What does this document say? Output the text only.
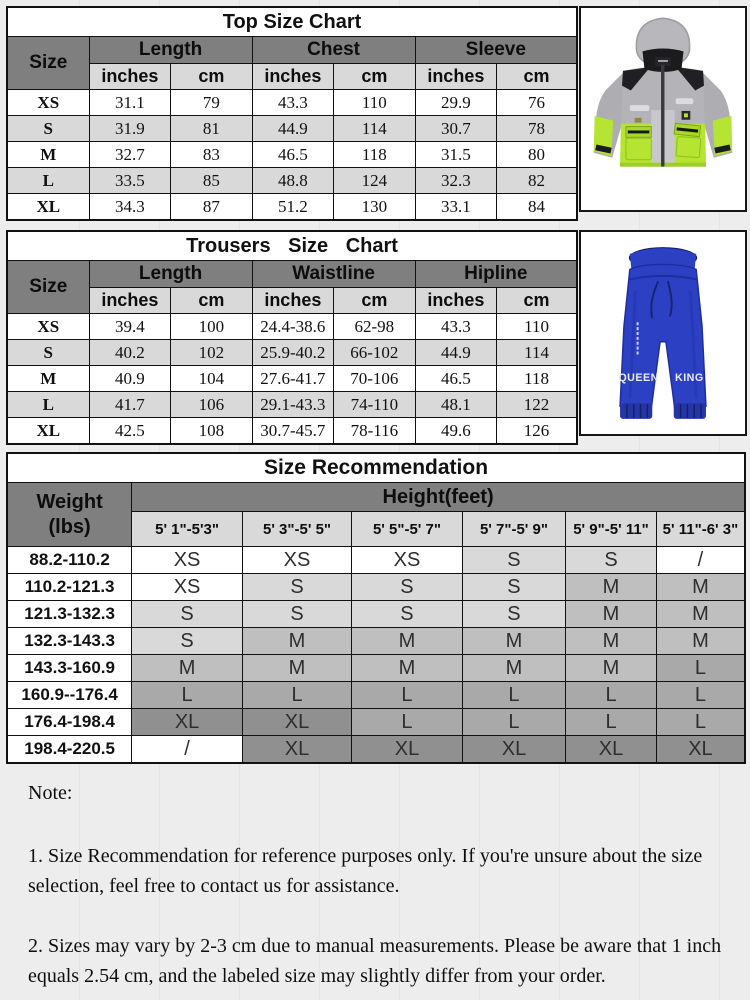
Top Size Chart						
Size	Length		Chest		Sleeve	
	inches	cm	inches	cm	inches	cm
XS	31.1	79	43.3	110	29.9	76
S	31.9	81	44.9	114	30.7	78
M	32.7	83	46.5	118	31.5	80
L	33.5	85	48.8	124	32.3	82
XL	34.3	87	51.2	130	33.1	84
Trousers Size Chart						
Size	Length		Waistline		Hipline	
	inches	cm	inches	cm	inches	cm
XS	39.4	100	24.4-38.6	62-98	43.3	110
S	40.2	102	25.9-40.2	66-102	44.9	114
M	40.9	104	27.6-41.7	70-106	46.5	118
L	41.7	106	29.1-43.3	74-110	48.1	122
XL	42.5	108	30.7-45.7	78-116	49.6	126
QUEEN KING
Size Recommendation						
Weight
(lbs)	Height(feet)					
	5' 1"-5'3"	5' 3"-5' 5"	5' 5"-5' 7"	5' 7"-5' 9"	5' 9"-5' 11"	5' 11"-6' 3"
88.2-110.2	XS	XS	XS	S	S	/
110.2-121.3	XS	S	S	S	M	M
121.3-132.3	S	S	S	S	M	M
132.3-143.3	S	M	M	M	M	M
143.3-160.9	M	M	M	M	M	L
160.9--176.4	L	L	L	L	L	L
176.4-198.4	XL	XL	L	L	L	L
198.4-220.5	/	XL	XL	XL	XL	XL

Note:

1. Size Recommendation for reference purposes only. If you're unsure about the size selection, feel free to contact us for assistance.

2. Sizes may vary by 2-3 cm due to manual measurements. Please be aware that 1 inch equals 2.54 cm, and the labeled size may slightly differ from your order.
